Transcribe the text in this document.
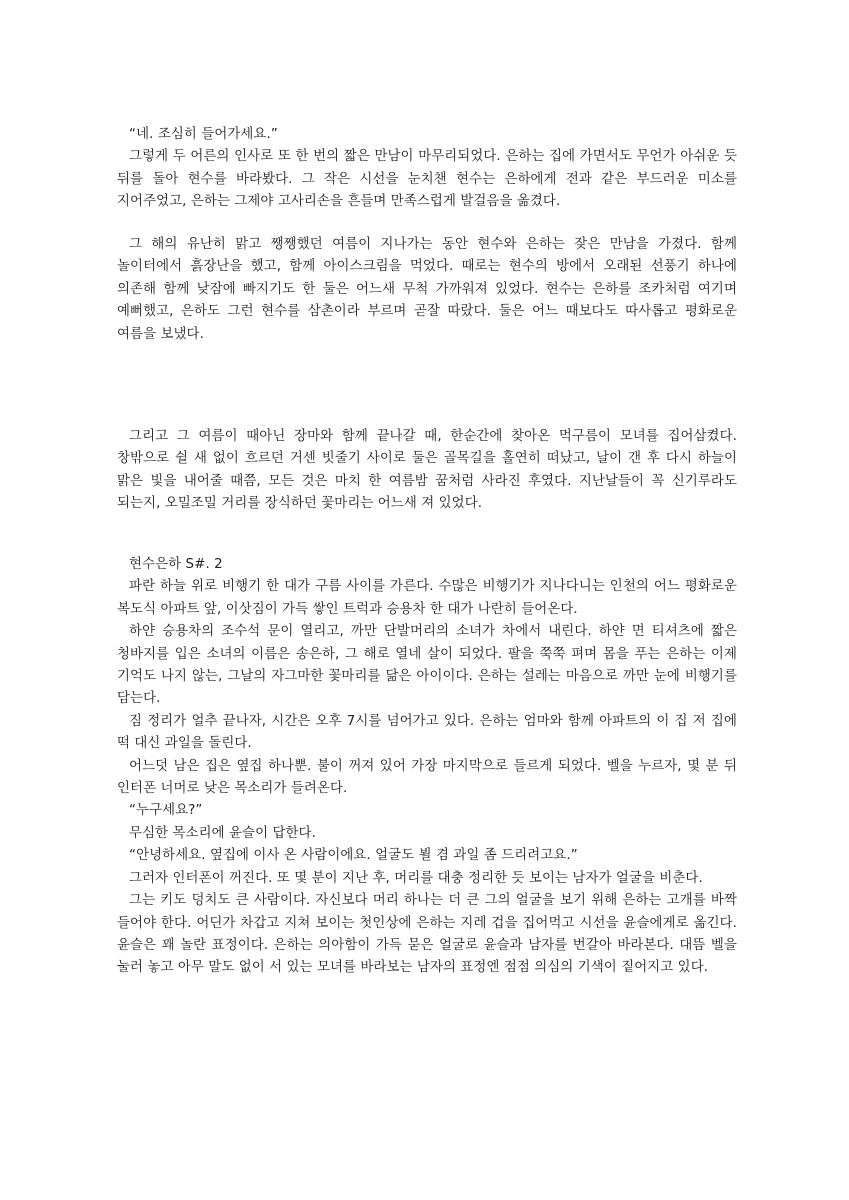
“네. 조심히 들어가세요.”

그렇게 두 어른의 인사로 또 한 번의 짧은 만남이 마무리되었다. 은하는 집에 가면서도 무언가 아쉬운 듯 뒤를 돌아 현수를 바라봤다. 그 작은 시선을 눈치챈 현수는 은하에게 전과 같은 부드러운 미소를 지어주었고, 은하는 그제야 고사리손을 흔들며 만족스럽게 발걸음을 옮겼다.

그 해의 유난히 맑고 쨍쨍했던 여름이 지나가는 동안 현수와 은하는 잦은 만남을 가졌다. 함께 놀이터에서 흙장난을 했고, 함께 아이스크림을 먹었다. 때로는 현수의 방에서 오래된 선풍기 하나에 의존해 함께 낮잠에 빠지기도 한 둘은 어느새 무척 가까워져 있었다. 현수는 은하를 조카처럼 여기며 예뻐했고, 은하도 그런 현수를 삼촌이라 부르며 곧잘 따랐다. 둘은 어느 때보다도 따사롭고 평화로운 여름을 보냈다.

그리고 그 여름이 때아닌 장마와 함께 끝나갈 때, 한순간에 찾아온 먹구름이 모녀를 집어삼켰다. 창밖으로 쉴 새 없이 흐르던 거센 빗줄기 사이로 둘은 골목길을 홀연히 떠났고, 날이 갠 후 다시 하늘이 맑은 빛을 내어줄 때쯤, 모든 것은 마치 한 여름밤 꿈처럼 사라진 후였다. 지난날들이 꼭 신기루라도 되는지, 오밀조밀 거리를 장식하던 꽃마리는 어느새 져 있었다.

현수은하 S#. 2

파란 하늘 위로 비행기 한 대가 구름 사이를 가른다. 수많은 비행기가 지나다니는 인천의 어느 평화로운 복도식 아파트 앞, 이삿짐이 가득 쌓인 트럭과 승용차 한 대가 나란히 들어온다.

하얀 승용차의 조수석 문이 열리고, 까만 단발머리의 소녀가 차에서 내린다. 하얀 면 티셔츠에 짧은 청바지를 입은 소녀의 이름은 송은하, 그 해로 열네 살이 되었다. 팔을 쭉쭉 펴며 몸을 푸는 은하는 이제 기억도 나지 않는, 그날의 자그마한 꽃마리를 닮은 아이이다. 은하는 설레는 마음으로 까만 눈에 비행기를 담는다.

짐 정리가 얼추 끝나자, 시간은 오후 7시를 넘어가고 있다. 은하는 엄마와 함께 아파트의 이 집 저 집에 떡 대신 과일을 돌린다.

어느덧 남은 집은 옆집 하나뿐. 불이 꺼져 있어 가장 마지막으로 들르게 되었다. 벨을 누르자, 몇 분 뒤 인터폰 너머로 낮은 목소리가 들려온다.

“누구세요?”

무심한 목소리에 윤슬이 답한다.

“안녕하세요. 옆집에 이사 온 사람이에요. 얼굴도 뵐 겸 과일 좀 드리려고요.”

그러자 인터폰이 꺼진다. 또 몇 분이 지난 후, 머리를 대충 정리한 듯 보이는 남자가 얼굴을 비춘다.

그는 키도 덩치도 큰 사람이다. 자신보다 머리 하나는 더 큰 그의 얼굴을 보기 위해 은하는 고개를 바짝 들어야 한다. 어딘가 차갑고 지쳐 보이는 첫인상에 은하는 지레 겁을 집어먹고 시선을 윤슬에게로 옮긴다. 윤슬은 꽤 놀란 표정이다. 은하는 의아함이 가득 묻은 얼굴로 윤슬과 남자를 번갈아 바라본다. 대뜸 벨을 눌러 놓고 아무 말도 없이 서 있는 모녀를 바라보는 남자의 표정엔 점점 의심의 기색이 짙어지고 있다.
